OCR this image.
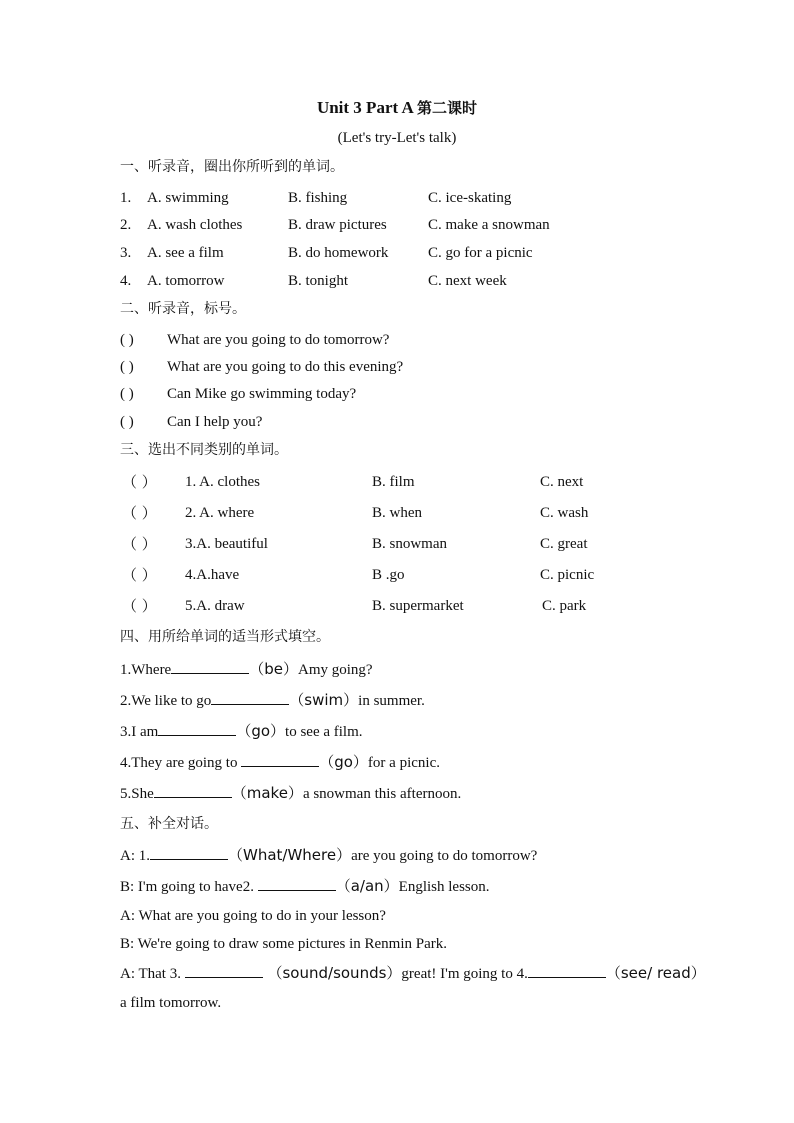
Unit 3 Part A 第二课时
(Let's try-Let's talk)
一、听录音，圈出你所听到的单词。
1. A. swimming	B. fishing	C. ice-skating
2. A. wash clothes	B. draw pictures	C. make a snowman
3. A. see a film	B. do homework	C. go for a picnic
4. A. tomorrow	B. tonight	C. next week
二、听录音，标号。
( ) What are you going to do tomorrow?
( ) What are you going to do this evening?
( ) Can Mike go swimming today?
( ) Can I help you?
三、选出不同类别的单词。
（ ） 1. A. clothes	B. film	C. next
（ ） 2. A. where	B. when	C. wash
（ ） 3.A. beautiful	B. snowman	C. great
（ ） 4.A.have	B .go	C. picnic
（ ） 5.A. draw	B. supermarket	C. park
四、用所给单词的适当形式填空。
1.Where	（be）Amy going?
2.We like to go	（swim）in summer.
3.I am	（go）to see a film.
4.They are going to	（go）for a picnic.
5.She	（make）a snowman this afternoon.
五、补全对话。
A: 1.	（What/Where）are you going to do tomorrow?
B: I'm going to have2.	（a/an）English lesson.
A: What are you going to do in your lesson?
B: We're going to draw some pictures in Renmin Park.
A: That 3.	（sound/sounds）great! I'm going to 4.	（see/ read）
a film tomorrow.
